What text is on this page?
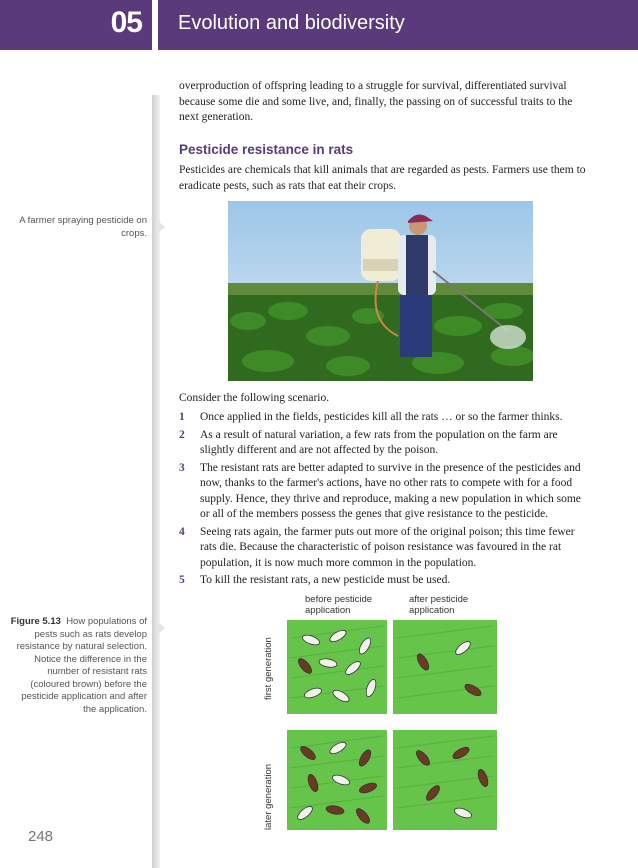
05 Evolution and biodiversity
A farmer spraying pesticide on crops.
Figure 5.13 How populations of pests such as rats develop resistance by natural selection. Notice the difference in the number of resistant rats (coloured brown) before the pesticide application and after the application.
248
overproduction of offspring leading to a struggle for survival, differentiated survival because some die and some live, and, finally, the passing on of successful traits to the next generation.
Pesticide resistance in rats
Pesticides are chemicals that kill animals that are regarded as pests. Farmers use them to eradicate pests, such as rats that eat their crops.
Consider the following scenario.
1	Once applied in the fields, pesticides kill all the rats … or so the farmer thinks.
2	As a result of natural variation, a few rats from the population on the farm are slightly different and are not affected by the poison.
3	The resistant rats are better adapted to survive in the presence of the pesticides and now, thanks to the farmer's actions, have no other rats to compete with for a food supply. Hence, they thrive and reproduce, making a new population in which some or all of the members possess the genes that give resistance to the pesticide.
4	Seeing rats again, the farmer puts out more of the original poison; this time fewer rats die. Because the characteristic of poison resistance was favoured in the rat population, it is now much more common in the population.
5	To kill the resistant rats, a new pesticide must be used.
before pesticide application
after pesticide application
first generation
later generation
